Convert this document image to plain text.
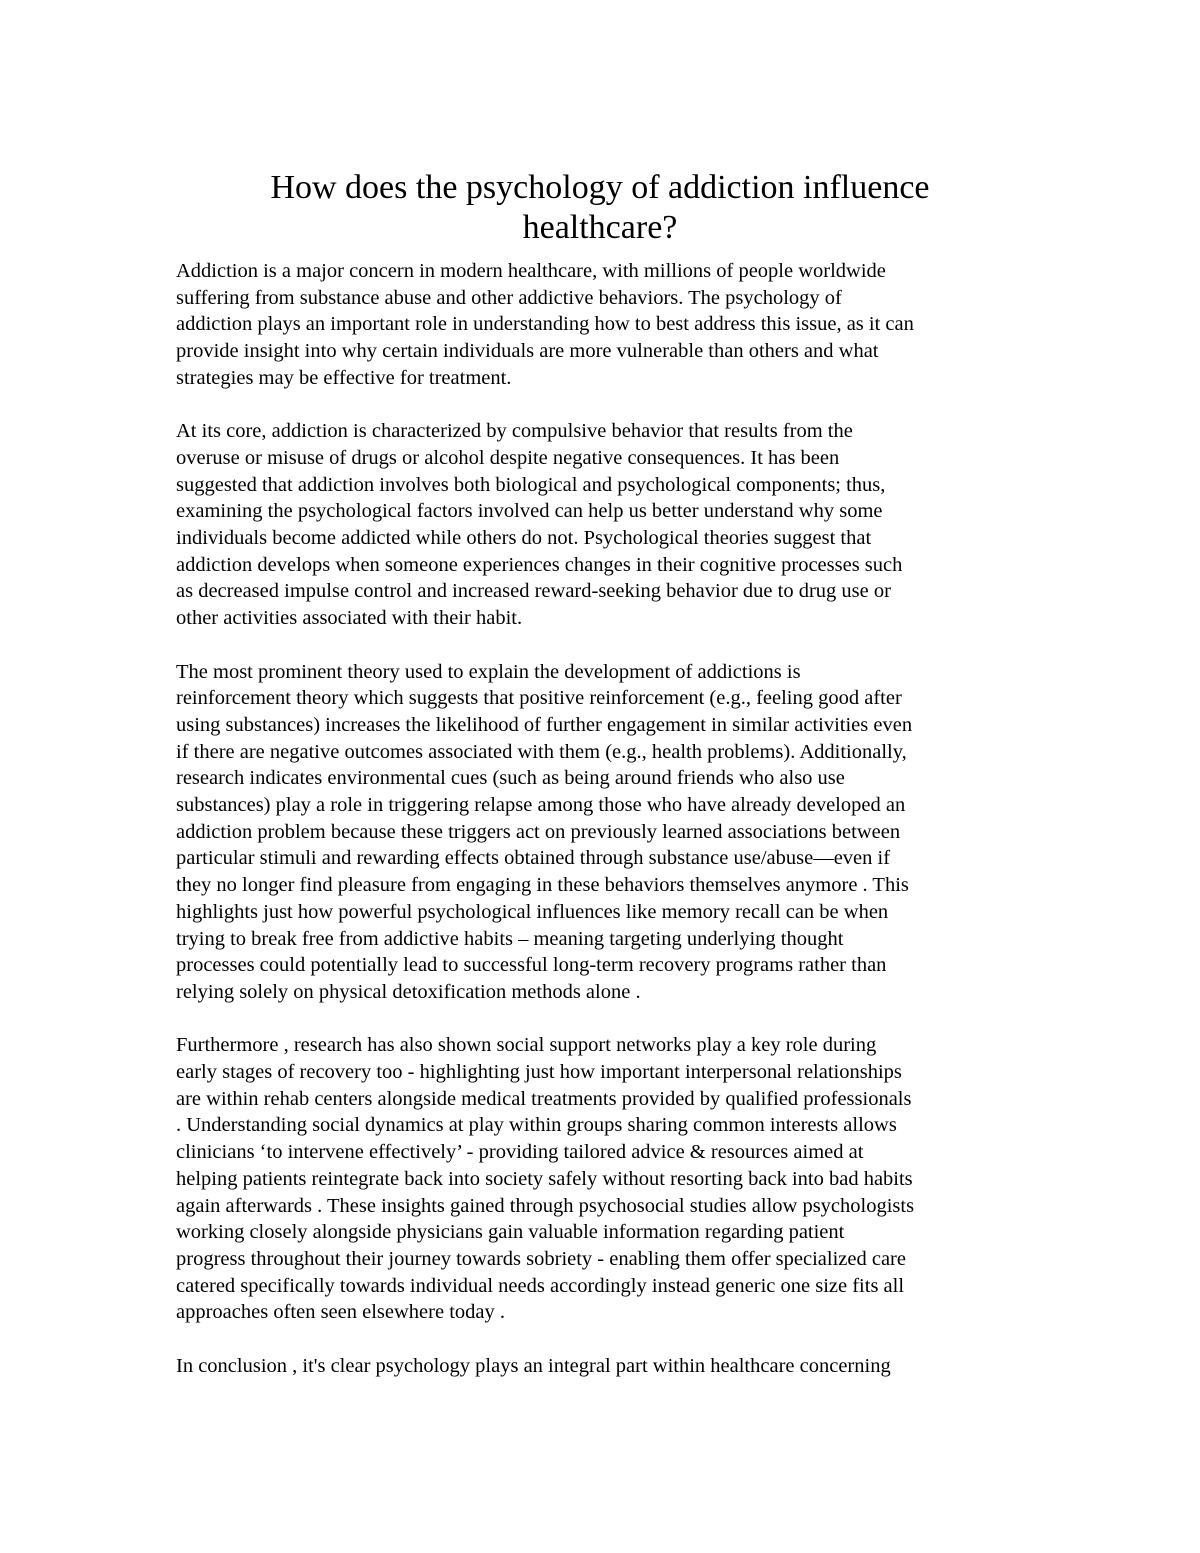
How does the psychology of addiction influence
healthcare?

Addiction is a major concern in modern healthcare, with millions of people worldwide
suffering from substance abuse and other addictive behaviors. The psychology of
addiction plays an important role in understanding how to best address this issue, as it can
provide insight into why certain individuals are more vulnerable than others and what
strategies may be effective for treatment.

At its core, addiction is characterized by compulsive behavior that results from the
overuse or misuse of drugs or alcohol despite negative consequences. It has been
suggested that addiction involves both biological and psychological components; thus,
examining the psychological factors involved can help us better understand why some
individuals become addicted while others do not. Psychological theories suggest that
addiction develops when someone experiences changes in their cognitive processes such
as decreased impulse control and increased reward-seeking behavior due to drug use or
other activities associated with their habit.

The most prominent theory used to explain the development of addictions is
reinforcement theory which suggests that positive reinforcement (e.g., feeling good after
using substances) increases the likelihood of further engagement in similar activities even
if there are negative outcomes associated with them (e.g., health problems). Additionally,
research indicates environmental cues (such as being around friends who also use
substances) play a role in triggering relapse among those who have already developed an
addiction problem because these triggers act on previously learned associations between
particular stimuli and rewarding effects obtained through substance use/abuse—even if
they no longer find pleasure from engaging in these behaviors themselves anymore . This
highlights just how powerful psychological influences like memory recall can be when
trying to break free from addictive habits – meaning targeting underlying thought
processes could potentially lead to successful long-term recovery programs rather than
relying solely on physical detoxification methods alone .

Furthermore , research has also shown social support networks play a key role during
early stages of recovery too - highlighting just how important interpersonal relationships
are within rehab centers alongside medical treatments provided by qualified professionals
. Understanding social dynamics at play within groups sharing common interests allows
clinicians ‘to intervene effectively’ - providing tailored advice & resources aimed at
helping patients reintegrate back into society safely without resorting back into bad habits
again afterwards . These insights gained through psychosocial studies allow psychologists
working closely alongside physicians gain valuable information regarding patient
progress throughout their journey towards sobriety - enabling them offer specialized care
catered specifically towards individual needs accordingly instead generic one size fits all
approaches often seen elsewhere today .

In conclusion , it's clear psychology plays an integral part within healthcare concerning
